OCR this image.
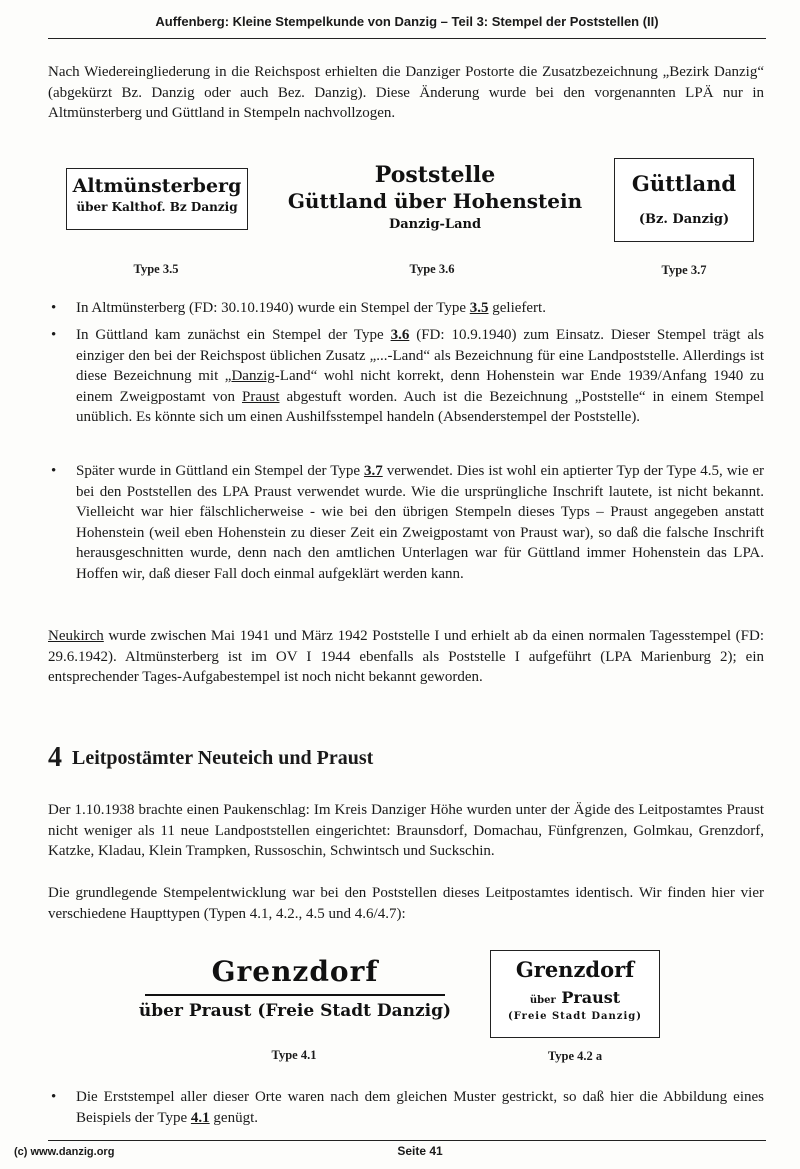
Auffenberg: Kleine Stempelkunde von Danzig – Teil 3: Stempel der Poststellen (II)

Nach Wiedereingliederung in die Reichspost erhielten die Danziger Postorte die Zusatzbezeichnung „Bezirk Danzig“ (abgekürzt Bz. Danzig oder auch Bez. Danzig). Diese Änderung wurde bei den vorgenannten LPÄ nur in Altmünsterberg und Güttland in Stempeln nachvollzogen.

Altmünsterberg
über Kalthof. Bz Danzig
Poststelle
Güttland über Hohenstein
Danzig-Land
Güttland
(Bz. Danzig)
Type 3.5	Type 3.6	Type 3.7
• In Altmünsterberg (FD: 30.10.1940) wurde ein Stempel der Type 3.5 geliefert.

• In Güttland kam zunächst ein Stempel der Type 3.6 (FD: 10.9.1940) zum Einsatz. Dieser Stempel trägt als einziger den bei der Reichspost üblichen Zusatz „...-Land“ als Bezeichnung für eine Landpoststelle. Allerdings ist diese Bezeichnung mit „Danzig-Land“ wohl nicht korrekt, denn Hohenstein war Ende 1939/Anfang 1940 zu einem Zweigpostamt von Praust abgestuft worden. Auch ist die Bezeichnung „Poststelle“ in einem Stempel unüblich. Es könnte sich um einen Aushilfsstempel handeln (Absenderstempel der Poststelle).

• Später wurde in Güttland ein Stempel der Type 3.7 verwendet. Dies ist wohl ein aptierter Typ der Type 4.5, wie er bei den Poststellen des LPA Praust verwendet wurde. Wie die ursprüngliche Inschrift lautete, ist nicht bekannt. Vielleicht war hier fälschlicherweise - wie bei den übrigen Stempeln dieses Typs – Praust angegeben anstatt Hohenstein (weil eben Hohenstein zu dieser Zeit ein Zweigpostamt von Praust war), so daß die falsche Inschrift herausgeschnitten wurde, denn nach den amtlichen Unterlagen war für Güttland immer Hohenstein das LPA. Hoffen wir, daß dieser Fall doch einmal aufgeklärt werden kann.

Neukirch wurde zwischen Mai 1941 und März 1942 Poststelle I und erhielt ab da einen normalen Tagesstempel (FD: 29.6.1942). Altmünsterberg ist im OV I 1944 ebenfalls als Poststelle I aufgeführt (LPA Marienburg 2); ein entsprechender Tages-Aufgabestempel ist noch nicht bekannt geworden.

4 Leitpostämter Neuteich und Praust

Der 1.10.1938 brachte einen Paukenschlag: Im Kreis Danziger Höhe wurden unter der Ägide des Leitpostamtes Praust nicht weniger als 11 neue Landpoststellen eingerichtet: Braunsdorf, Domachau, Fünfgrenzen, Golmkau, Grenzdorf, Katzke, Kladau, Klein Trampken, Russoschin, Schwintsch und Suckschin.

Die grundlegende Stempelentwicklung war bei den Poststellen dieses Leitpostamtes identisch. Wir finden hier vier verschiedene Haupttypen (Typen 4.1, 4.2., 4.5 und 4.6/4.7):

Grenzdorf
über Praust (Freie Stadt Danzig)
Grenzdorf
über Praust
(Freie Stadt Danzig)
Type 4.1	Type 4.2 a
• Die Erststempel aller dieser Orte waren nach dem gleichen Muster gestrickt, so daß hier die Abbildung eines Beispiels der Type 4.1 genügt.

(c) www.danzig.org	Seite 41
